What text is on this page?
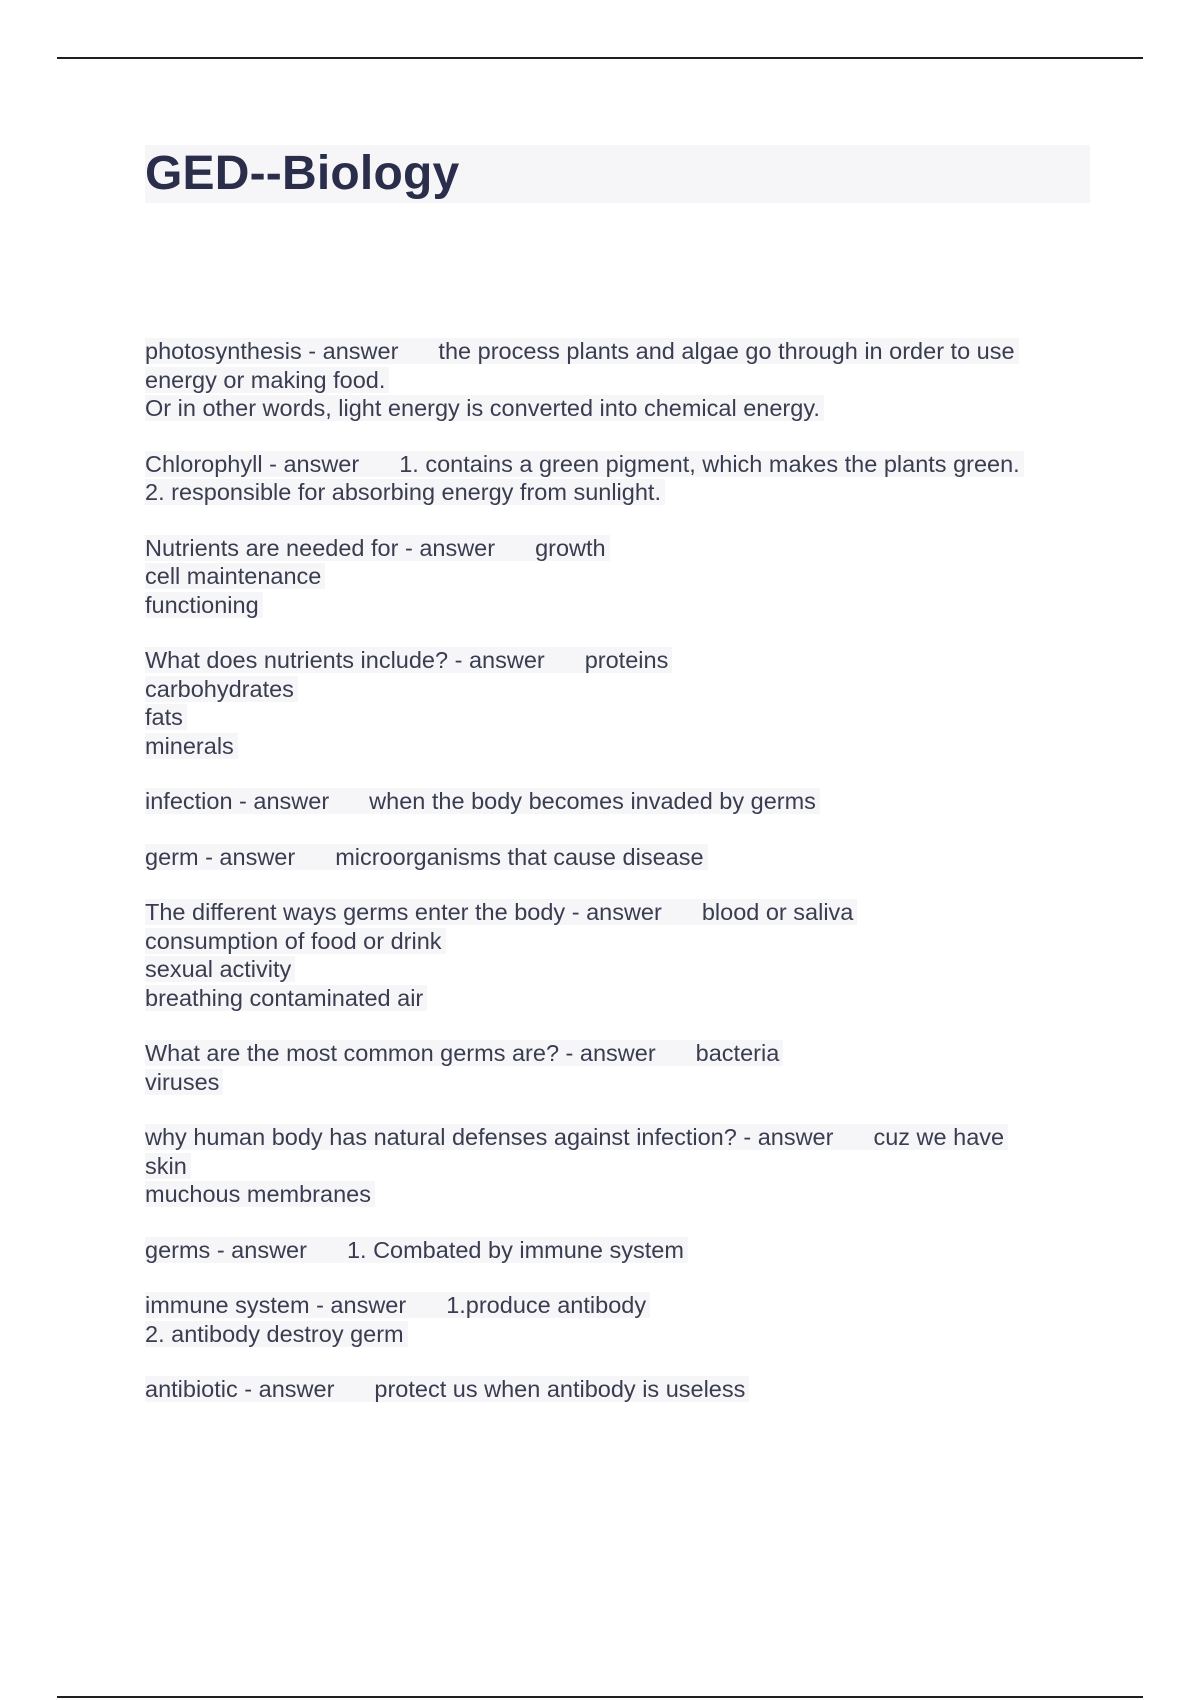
GED--Biology
photosynthesis - answer the process plants and algae go through in order to use
energy or making food.
Or in other words, light energy is converted into chemical energy.
Chlorophyll - answer 1. contains a green pigment, which makes the plants green.
2. responsible for absorbing energy from sunlight.
Nutrients are needed for - answer growth
cell maintenance
functioning
What does nutrients include? - answer proteins
carbohydrates
fats
minerals
infection - answer when the body becomes invaded by germs
germ - answer microorganisms that cause disease
The different ways germs enter the body - answer blood or saliva
consumption of food or drink
sexual activity
breathing contaminated air
What are the most common germs are? - answer bacteria
viruses
why human body has natural defenses against infection? - answer cuz we have
skin
muchous membranes
germs - answer 1. Combated by immune system
immune system - answer 1.produce antibody
2. antibody destroy germ
antibiotic - answer protect us when antibody is useless
